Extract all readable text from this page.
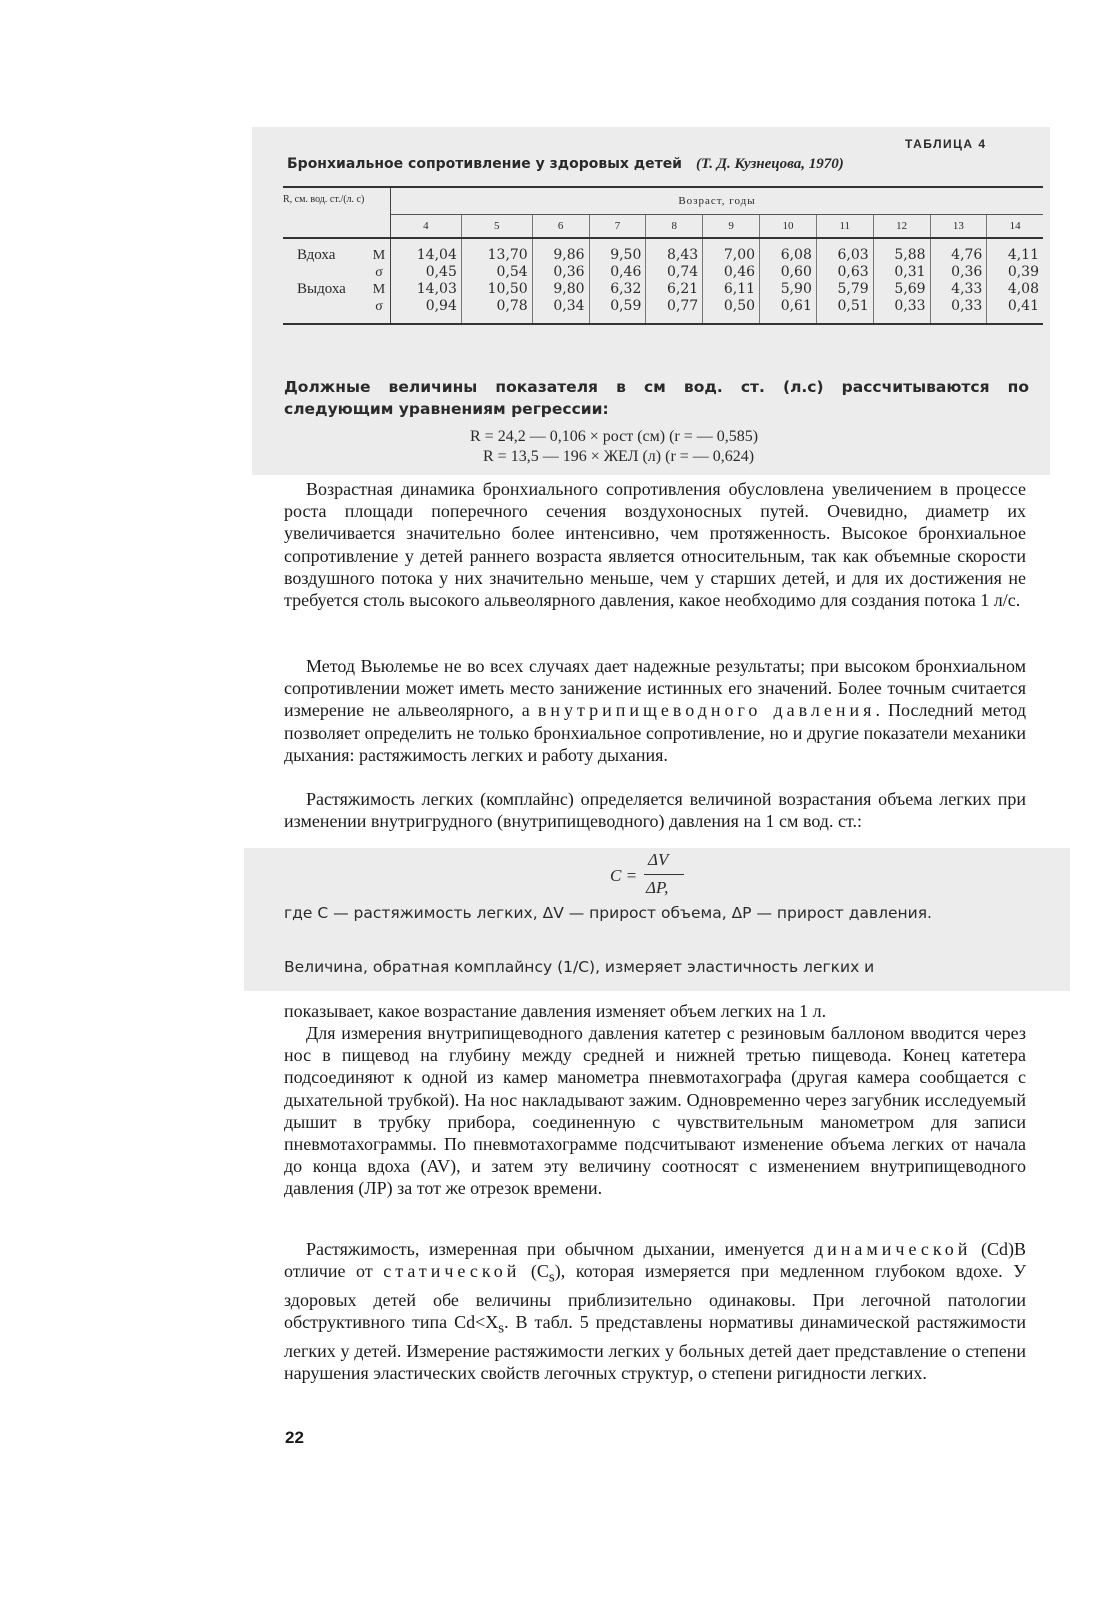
ТАБЛИЦА 4
Бронхиальное сопротивление у здоровых детей (Т. Д. Кузнецова, 1970)
R, см. вод. ст./(л. с)		Возраст, годы										
		4	5	6	7	8	9	10	11	12	13	14
Вдоха	M	14,04	13,70	9,86	9,50	8,43	7,00	6,08	6,03	5,88	4,76	4,11
	σ	0,45	0,54	0,36	0,46	0,74	0,46	0,60	0,63	0,31	0,36	0,39
Выдоха	M	14,03	10,50	9,80	6,32	6,21	6,11	5,90	5,79	5,69	4,33	4,08
	σ	0,94	0,78	0,34	0,59	0,77	0,50	0,61	0,51	0,33	0,33	0,41
Должные величины показателя в см вод. ст. (л.с) рассчитываются по следующим уравнениям регрессии:
R = 24,2 — 0,106 × рост (см) (r = — 0,585)
R = 13,5 — 196 × ЖЕЛ (л) (r = — 0,624)
Возрастная динамика бронхиального сопротивления обусловлена увеличением в процессе роста площади поперечного сечения воздухоносных путей. Очевидно, диаметр их увеличивается значительно более интенсивно, чем протяженность. Высокое бронхиальное сопротивление у детей раннего возраста является относительным, так как объемные скорости воздушного потока у них значительно меньше, чем у старших детей, и для их достижения не требуется столь высокого альвеолярного давления, какое необходимо для создания потока 1 л/с.
Метод Вьюлемье не во всех случаях дает надежные результаты; при высоком бронхиальном сопротивлении может иметь место занижение истинных его значений. Более точным считается измерение не альвеолярного, а внутрипищеводного давления. Последний метод позволяет определить не только бронхиальное сопротивление, но и другие показатели механики дыхания: растяжимость легких и работу дыхания.
Растяжимость легких (комплайнс) определяется величиной возрастания объема легких при изменении внутригрудного (внутрипищеводного) давления на 1 см вод. ст.:
C =
ΔV
ΔP,
где C — растяжимость легких, ΔV — прирост объема, ΔP — прирост давления.
Величина, обратная комплайнсу (1/C), измеряет эластичность легких и
показывает, какое возрастание давления изменяет объем легких на 1 л.
Для измерения внутрипищеводного давления катетер с резиновым баллоном вводится через нос в пищевод на глубину между средней и нижней третью пищевода. Конец катетера подсоединяют к одной из камер манометра пневмотахографа (другая камера сообщается с дыхательной трубкой). На нос накладывают зажим. Одновременно через загубник исследуемый дышит в трубку прибора, соединенную с чувствительным манометром для записи пневмотахограммы. По пневмотахограмме подсчитывают изменение объема легких от начала до конца вдоха (AV), и затем эту величину соотносят с изменением внутрипищеводного давления (ЛР) за тот же отрезок времени.
Растяжимость, измеренная при обычном дыхании, именуется динамической (Cd)В отличие от статической $(C_s)$, которая измеряется при медленном глубоком вдохе. У здоровых детей обе величины приблизительно одинаковы. При легочной патологии обструктивного типа $Cd<X_s$. В табл. 5 представлены нормативы динамической растяжимости легких у детей. Измерение растяжимости легких у больных детей дает представление о степени нарушения эластических свойств легочных структур, о степени ригидности легких.
22
